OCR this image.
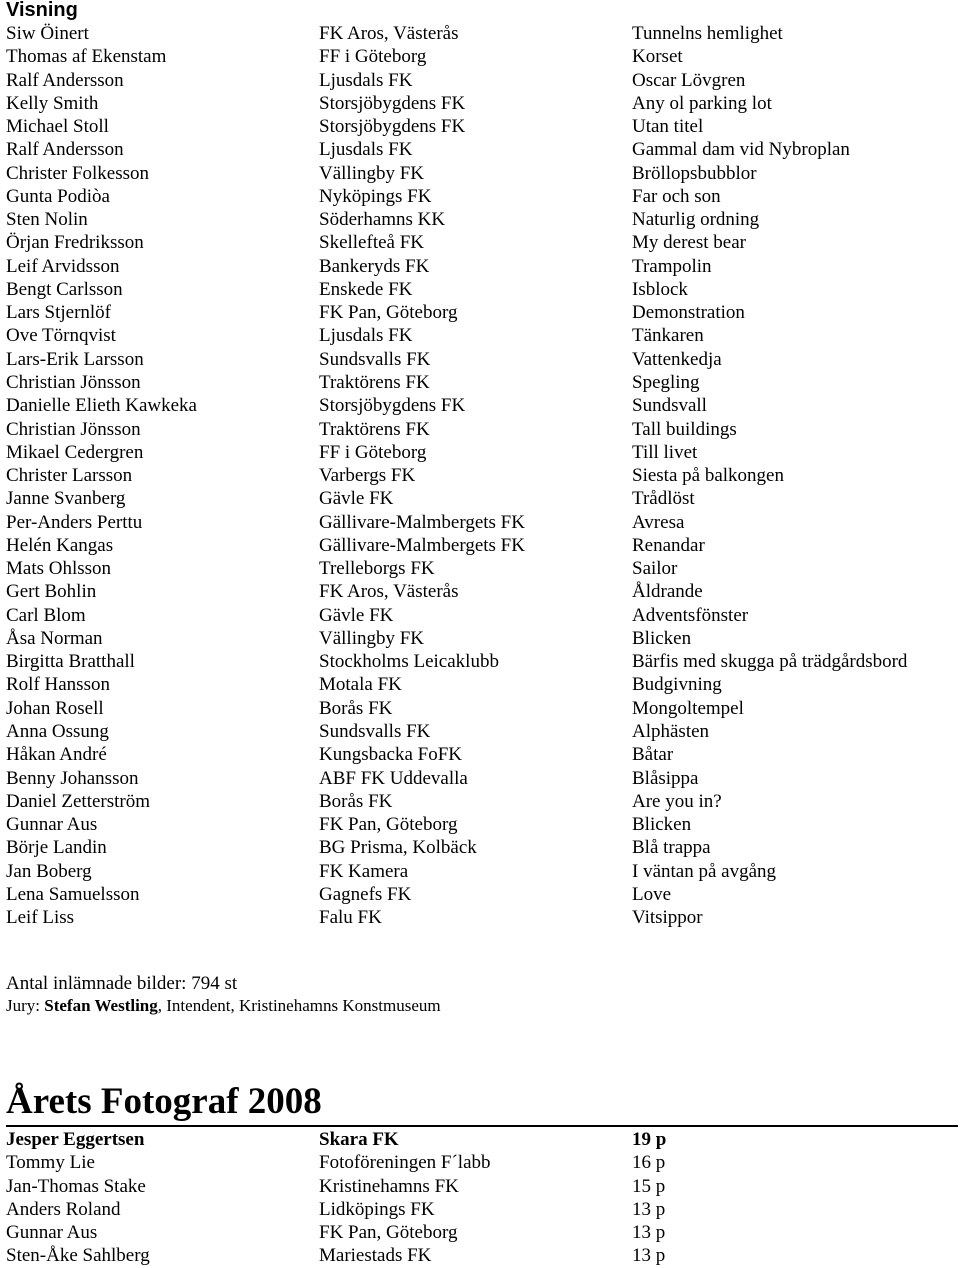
Visning
Siw Öinert	FK Aros, Västerås	Tunnelns hemlighet
Thomas af Ekenstam	FF i Göteborg	Korset
Ralf Andersson	Ljusdals FK	Oscar Lövgren
Kelly Smith	Storsjöbygdens FK	Any ol parking lot
Michael Stoll	Storsjöbygdens FK	Utan titel
Ralf Andersson	Ljusdals FK	Gammal dam vid Nybroplan
Christer Folkesson	Vällingby FK	Bröllopsbubblor
Gunta Podiòa	Nyköpings FK	Far och son
Sten Nolin	Söderhamns KK	Naturlig ordning
Örjan Fredriksson	Skellefteå FK	My derest bear
Leif Arvidsson	Bankeryds FK	Trampolin
Bengt Carlsson	Enskede FK	Isblock
Lars Stjernlöf	FK Pan, Göteborg	Demonstration
Ove Törnqvist	Ljusdals FK	Tänkaren
Lars-Erik Larsson	Sundsvalls FK	Vattenkedja
Christian Jönsson	Traktörens FK	Spegling
Danielle Elieth Kawkeka	Storsjöbygdens FK	Sundsvall
Christian Jönsson	Traktörens FK	Tall buildings
Mikael Cedergren	FF i Göteborg	Till livet
Christer Larsson	Varbergs FK	Siesta på balkongen
Janne Svanberg	Gävle FK	Trådlöst
Per-Anders Perttu	Gällivare-Malmbergets FK	Avresa
Helén Kangas	Gällivare-Malmbergets FK	Renandar
Mats Ohlsson	Trelleborgs FK	Sailor
Gert Bohlin	FK Aros, Västerås	Åldrande
Carl Blom	Gävle FK	Adventsfönster
Åsa Norman	Vällingby FK	Blicken
Birgitta Bratthall	Stockholms Leicaklubb	Bärfis med skugga på trädgårdsbord
Rolf Hansson	Motala FK	Budgivning
Johan Rosell	Borås FK	Mongoltempel
Anna Ossung	Sundsvalls FK	Alphästen
Håkan André	Kungsbacka FoFK	Båtar
Benny Johansson	ABF FK Uddevalla	Blåsippa
Daniel Zetterström	Borås FK	Are you in?
Gunnar Aus	FK Pan, Göteborg	Blicken
Börje Landin	BG Prisma, Kolbäck	Blå trappa
Jan Boberg	FK Kamera	I väntan på avgång
Lena Samuelsson	Gagnefs FK	Love
Leif Liss	Falu FK	Vitsippor
Antal inlämnade bilder: 794 st
Jury: Stefan Westling, Intendent, Kristinehamns Konstmuseum
Årets Fotograf 2008
Jesper Eggertsen	Skara FK	19 p
Tommy Lie	Fotoföreningen F´labb	16 p
Jan-Thomas Stake	Kristinehamns FK	15 p
Anders Roland	Lidköpings FK	13 p
Gunnar Aus	FK Pan, Göteborg	13 p
Sten-Åke Sahlberg	Mariestads FK	13 p
